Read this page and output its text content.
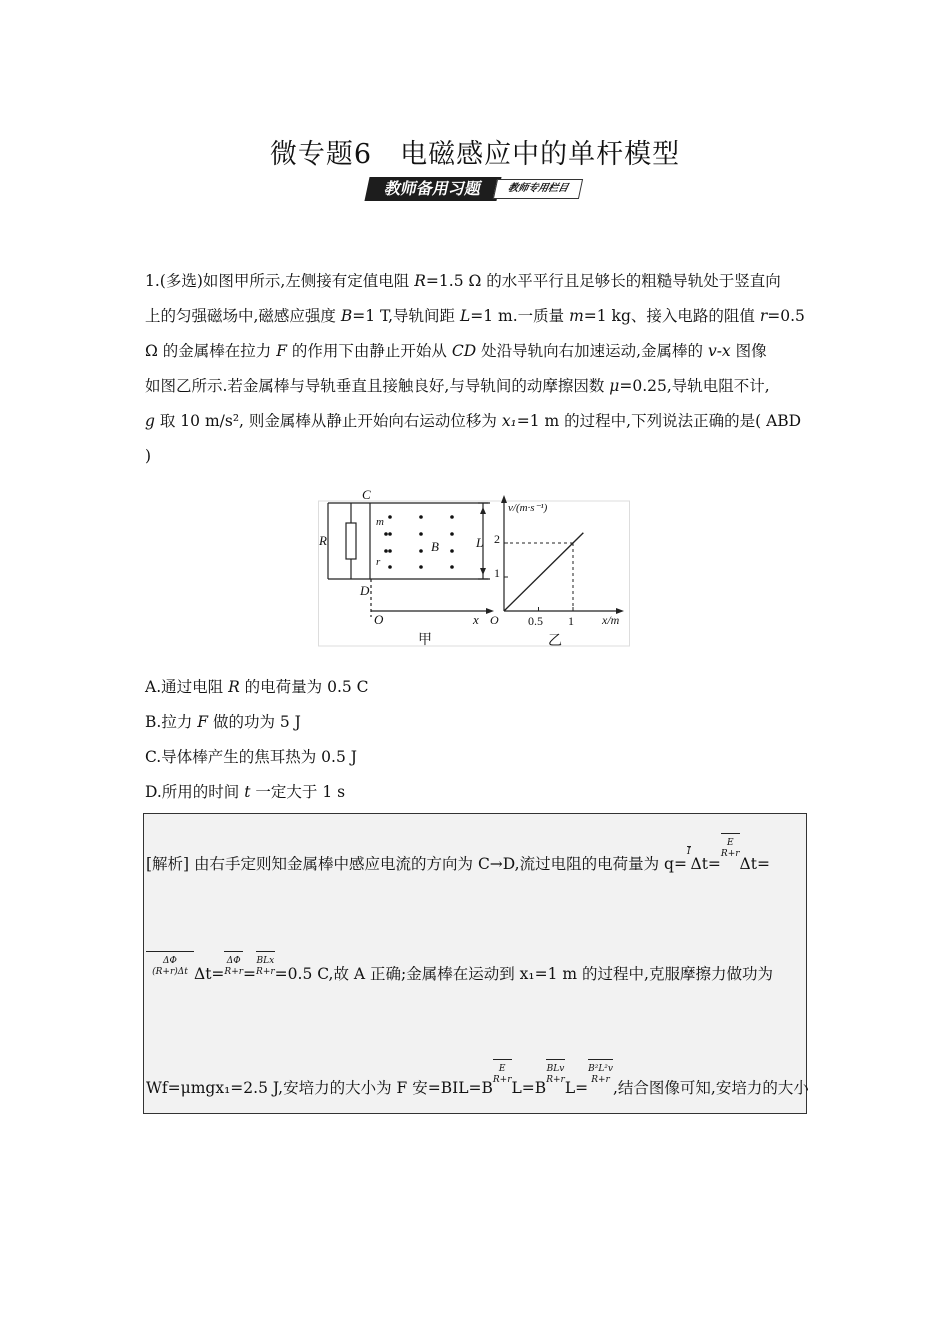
微专题6　电磁感应中的单杆模型
教师备用习题	教师专用栏目
1.(多选)如图甲所示,左侧接有定值电阻 R=1.5 Ω 的水平平行且足够长的粗糙导轨处于竖直向
上的匀强磁场中,磁感应强度 B=1 T,导轨间距 L=1 m.一质量 m=1 kg、接入电路的阻值 r=0.5
Ω 的金属棒在拉力 F 的作用下由静止开始从 CD 处沿导轨向右加速运动,金属棒的 v-x 图像
如图乙所示.若金属棒与导轨垂直且接触良好,与导轨间的动摩擦因数 μ=0.25,导轨电阻不计,
g 取 10 m/s², 则金属棒从静止开始向右运动位移为 x₁=1 m 的过程中,下列说法正确的是( ABD
)
C
D
R
m
r
B	L
O	x
甲
v/(m·s⁻¹)
x/m
O
1
2
0.5 1
乙
A.通过电阻 R 的电荷量为 0.5 C
B.拉力 F 做的功为 5 J
C.导体棒产生的焦耳热为 0.5 J
D.所用的时间 t 一定大于 1 s
[解析] 由右手定则知金属棒中感应电流的方向为 C→D,流过电阻的电荷量为 q=
I
Δt=
E
R+r
Δt=
ΔΦ
(R+r)Δt Δt=
ΔΦ
R+r =
BLx
R+r =0.5 C,故 A 正确;金属棒在运动到 x₁=1 m 的过程中,克服摩擦力做功为
Wf=μmgx₁=2.5 J,安培力的大小为 F 安=BIL=B
E
R+r L=B
BLv
R+r L=
B²L²v
R+r ,结合图像可知,安培力的大小
